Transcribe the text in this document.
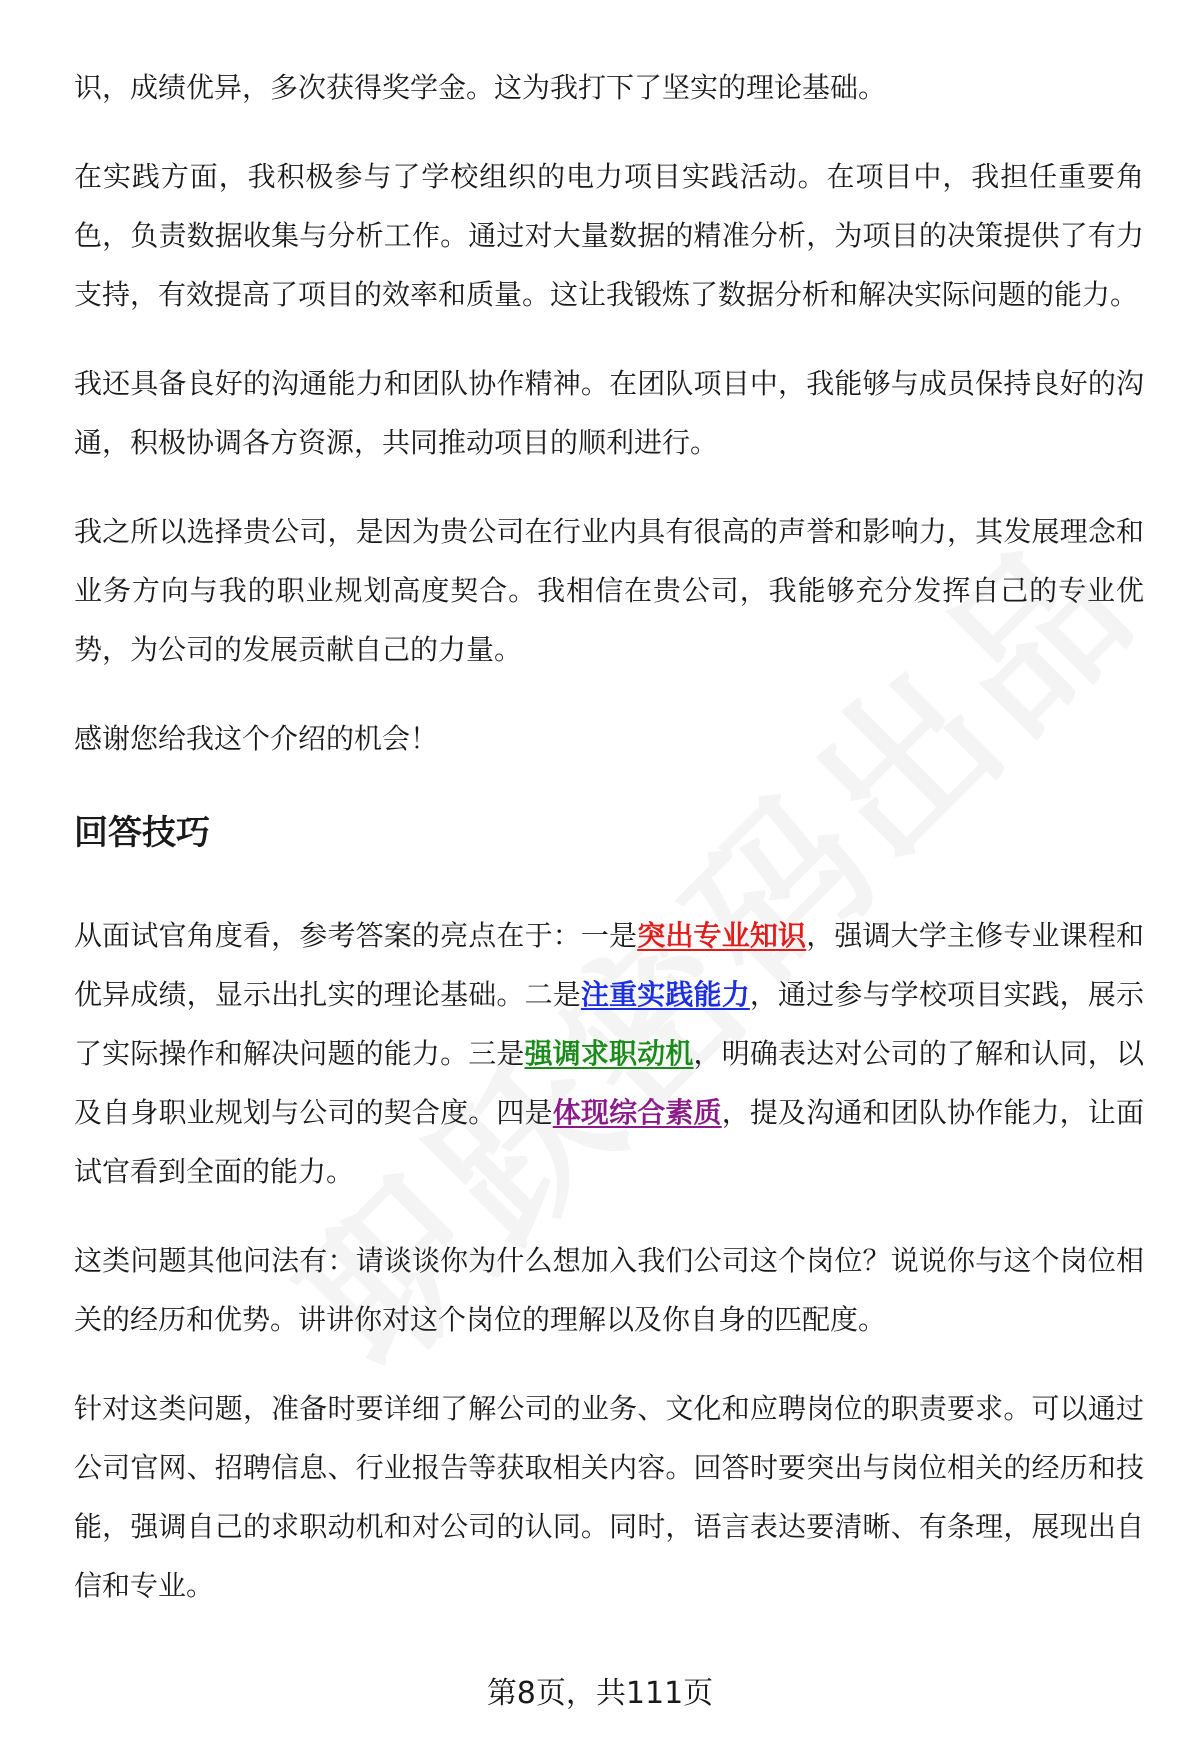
识，成绩优异，多次获得奖学金。这为我打下了坚实的理论基础。

在实践方面，我积极参与了学校组织的电力项目实践活动。在项目中，我担任重要角色，负责数据收集与分析工作。通过对大量数据的精准分析，为项目的决策提供了有力支持，有效提高了项目的效率和质量。这让我锻炼了数据分析和解决实际问题的能力。

我还具备良好的沟通能力和团队协作精神。在团队项目中，我能够与成员保持良好的沟通，积极协调各方资源，共同推动项目的顺利进行。

我之所以选择贵公司，是因为贵公司在行业内具有很高的声誉和影响力，其发展理念和业务方向与我的职业规划高度契合。我相信在贵公司，我能够充分发挥自己的专业优势，为公司的发展贡献自己的力量。

感谢您给我这个介绍的机会！

回答技巧

从面试官角度看，参考答案的亮点在于：一是突出专业知识，强调大学主修专业课程和优异成绩，显示出扎实的理论基础。二是注重实践能力，通过参与学校项目实践，展示了实际操作和解决问题的能力。三是强调求职动机，明确表达对公司的了解和认同，以及自身职业规划与公司的契合度。四是体现综合素质，提及沟通和团队协作能力，让面试官看到全面的能力。

这类问题其他问法有：请谈谈你为什么想加入我们公司这个岗位？说说你与这个岗位相关的经历和优势。讲讲你对这个岗位的理解以及你自身的匹配度。

针对这类问题，准备时要详细了解公司的业务、文化和应聘岗位的职责要求。可以通过公司官网、招聘信息、行业报告等获取相关内容。回答时要突出与岗位相关的经历和技能，强调自己的求职动机和对公司的认同。同时，语言表达要清晰、有条理，展现出自信和专业。

第8页，共111页
